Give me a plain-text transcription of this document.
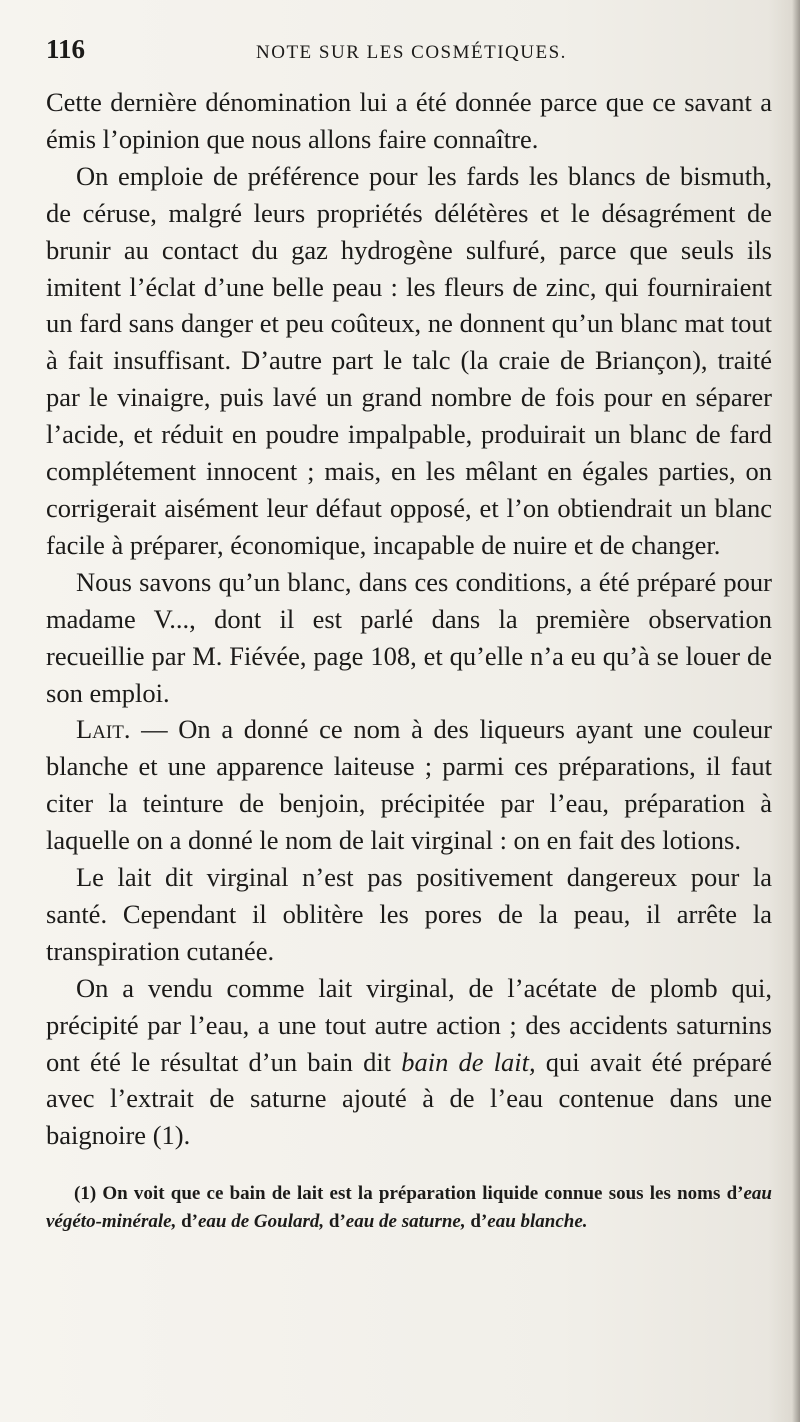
116	NOTE SUR LES COSMÉTIQUES.

Cette dernière dénomination lui a été donnée parce que ce savant a émis l’opinion que nous allons faire connaître.

On emploie de préférence pour les fards les blancs de bismuth, de céruse, malgré leurs propriétés délétères et le désagrément de brunir au contact du gaz hydrogène sulfuré, parce que seuls ils imitent l’éclat d’une belle peau : les fleurs de zinc, qui fourniraient un fard sans danger et peu coûteux, ne donnent qu’un blanc mat tout à fait insuffisant. D’autre part le talc (la craie de Briançon), traité par le vinaigre, puis lavé un grand nombre de fois pour en séparer l’acide, et réduit en poudre impalpable, produirait un blanc de fard complétement innocent ; mais, en les mêlant en égales parties, on corrigerait aisément leur défaut opposé, et l’on obtiendrait un blanc facile à préparer, économique, incapable de nuire et de changer.

Nous savons qu’un blanc, dans ces conditions, a été préparé pour madame V..., dont il est parlé dans la première observation recueillie par M. Fiévée, page 108, et qu’elle n’a eu qu’à se louer de son emploi.

Lait. — On a donné ce nom à des liqueurs ayant une couleur blanche et une apparence laiteuse ; parmi ces préparations, il faut citer la teinture de benjoin, précipitée par l’eau, préparation à laquelle on a donné le nom de lait virginal : on en fait des lotions.

Le lait dit virginal n’est pas positivement dangereux pour la santé. Cependant il oblitère les pores de la peau, il arrête la transpiration cutanée.

On a vendu comme lait virginal, de l’acétate de plomb qui, précipité par l’eau, a une tout autre action ; des accidents saturnins ont été le résultat d’un bain dit bain de lait, qui avait été préparé avec l’extrait de saturne ajouté à de l’eau contenue dans une baignoire (1).

(1) On voit que ce bain de lait est la préparation liquide connue sous les noms d’eau végéto-minérale, d’eau de Goulard, d’eau de saturne, d’eau blanche.
